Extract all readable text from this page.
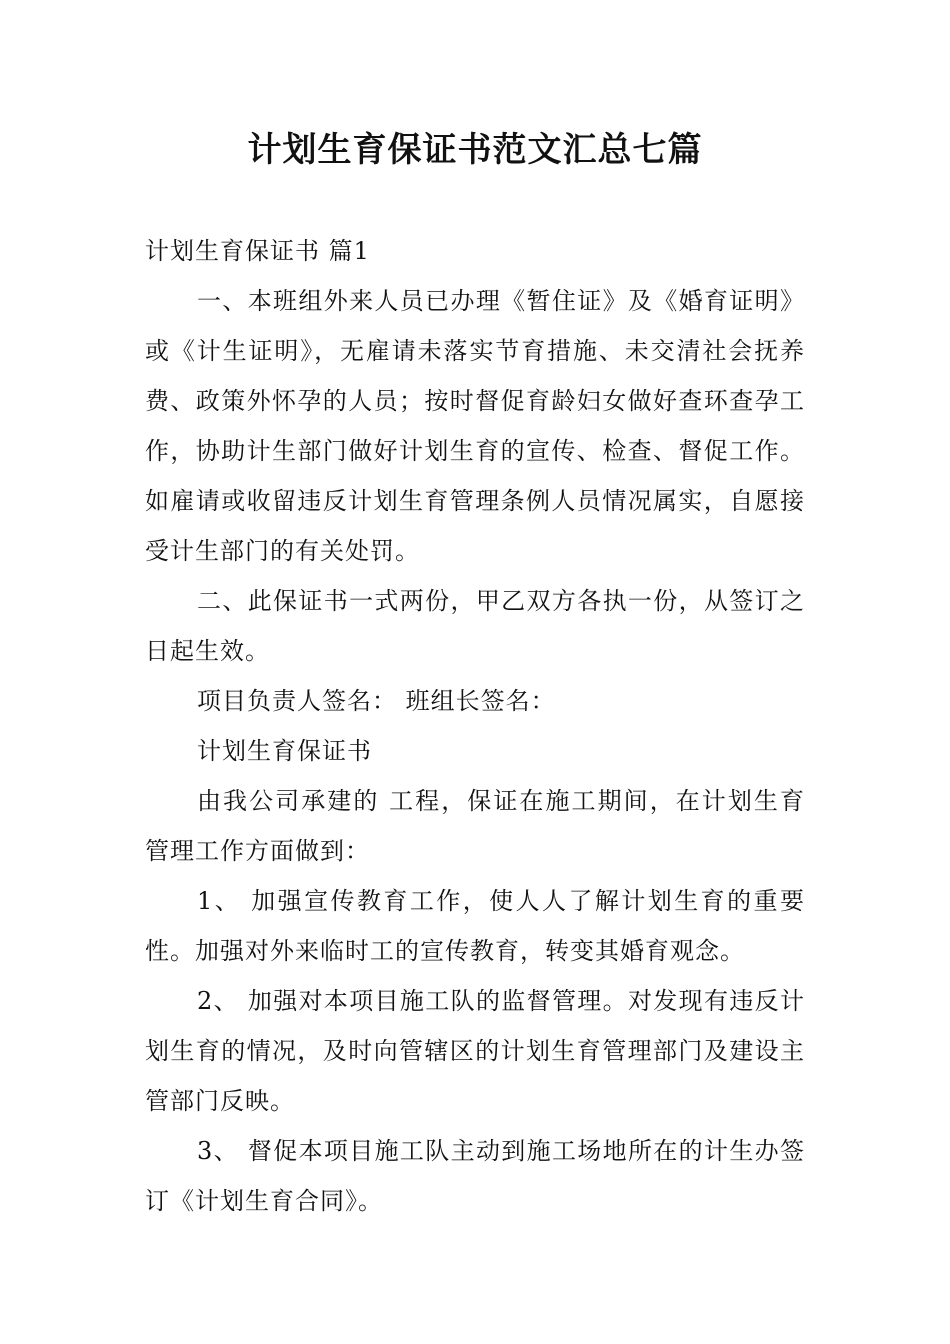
计划生育保证书范文汇总七篇

计划生育保证书 篇1

一、本班组外来人员已办理《暂住证》及《婚育证明》或《计生证明》，无雇请未落实节育措施、未交清社会抚养费、政策外怀孕的人员；按时督促育龄妇女做好查环查孕工作，协助计生部门做好计划生育的宣传、检查、督促工作。如雇请或收留违反计划生育管理条例人员情况属实，自愿接受计生部门的有关处罚。

二、此保证书一式两份，甲乙双方各执一份，从签订之日起生效。

项目负责人签名： 班组长签名：

计划生育保证书

由我公司承建的 工程，保证在施工期间，在计划生育管理工作方面做到：

1、 加强宣传教育工作，使人人了解计划生育的重要性。加强对外来临时工的宣传教育，转变其婚育观念。

2、 加强对本项目施工队的监督管理。对发现有违反计划生育的情况，及时向管辖区的计划生育管理部门及建设主管部门反映。

3、 督促本项目施工队主动到施工场地所在的计生办签订《计划生育合同》。
